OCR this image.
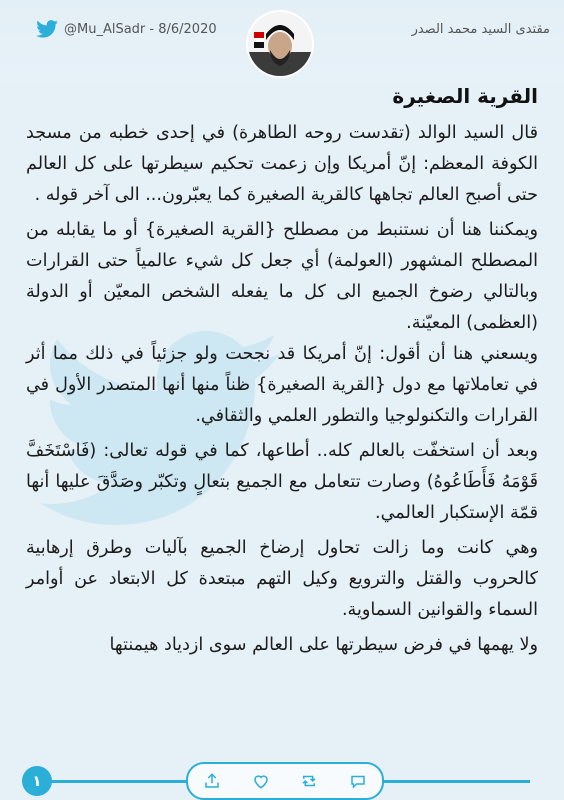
@Mu_AlSadr - 8/6/2020	مقتدى السيد محمد الصدر
القرية الصغيرة

قال السيد الوالد (تقدست روحه الطاهرة) في إحدى خطبه من مسجد الكوفة المعظم: إنّ أمريكا وإن زعمت تحكيم سيطرتها على كل العالم حتى أصبح العالم تجاهها كالقرية الصغيرة كما يعبّرون... الى آخر قوله .

ويمكننا هنا أن نستنبط من مصطلح {القرية الصغيرة} أو ما يقابله من المصطلح المشهور (العولمة) أي جعل كل شيء عالمياً حتى القرارات وبالتالي رضوخ الجميع الى كل ما يفعله الشخص المعيّن أو الدولة (العظمى) المعيّنة.

ويسعني هنا أن أقول: إنّ أمريكا قد نجحت ولو جزئياً في ذلك مما أثر في تعاملاتها مع دول {القرية الصغيرة} ظناً منها أنها المتصدر الأول في القرارات والتكنولوجيا والتطور العلمي والثقافي.

وبعد أن استخفّت بالعالم كله.. أطاعها، كما في قوله تعالى: (فَاسْتَخَفَّ قَوْمَهُ فَأَطَاعُوهُ) وصارت تتعامل مع الجميع بتعالٍ وتكبّر وصَدَّقَ عليها أنها قمّة الإستكبار العالمي.

وهي كانت وما زالت تحاول إرضاخ الجميع بآليات وطرق إرهابية كالحروب والقتل والترويع وكيل التهم مبتعدة كل الابتعاد عن أوامر السماء والقوانين السماوية.

ولا يهمها في فرض سيطرتها على العالم سوى ازدياد هيمنتها

١
